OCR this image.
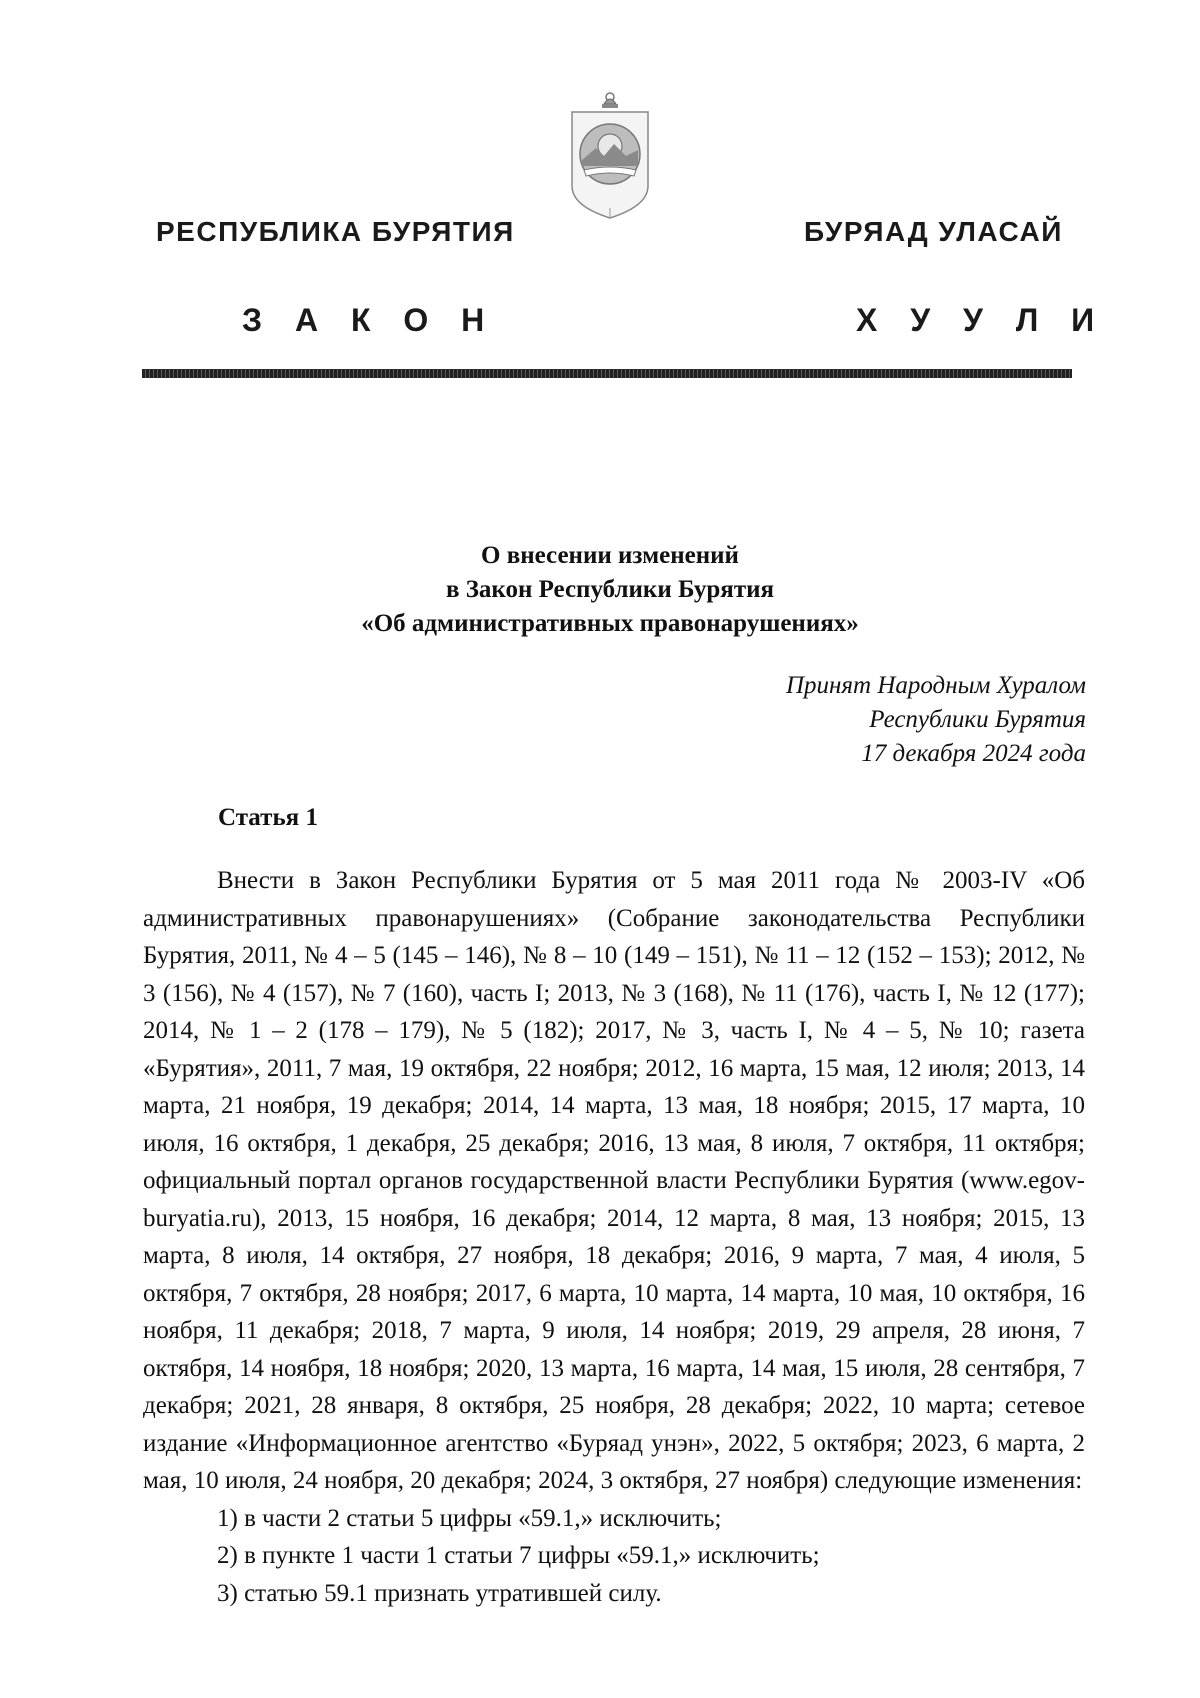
РЕСПУБЛИКА БУРЯТИЯ	БУРЯАД УЛАСАЙ
З А К О Н	Х У У Л И
О внесении изменений
в Закон Республики Бурятия
«Об административных правонарушениях»
Принят Народным Хуралом
Республики Бурятия
17 декабря 2024 года
Статья 1

Внести в Закон Республики Бурятия от 5 мая 2011 года № 2003-IV «Об административных правонарушениях» (Собрание законодательства Республики Бурятия, 2011, № 4 – 5 (145 – 146), № 8 – 10 (149 – 151), № 11 – 12 (152 – 153); 2012, № 3 (156), № 4 (157), № 7 (160), часть I; 2013, № 3 (168), № 11 (176), часть I, № 12 (177); 2014, № 1 – 2 (178 – 179), № 5 (182); 2017, № 3, часть I, № 4 – 5, № 10; газета «Бурятия», 2011, 7 мая, 19 октября, 22 ноября; 2012, 16 марта, 15 мая, 12 июля; 2013, 14 марта, 21 ноября, 19 декабря; 2014, 14 марта, 13 мая, 18 ноября; 2015, 17 марта, 10 июля, 16 октября, 1 декабря, 25 декабря; 2016, 13 мая, 8 июля, 7 октября, 11 октября; официальный портал органов государственной власти Республики Бурятия (www.egov-buryatia.ru), 2013, 15 ноября, 16 декабря; 2014, 12 марта, 8 мая, 13 ноября; 2015, 13 марта, 8 июля, 14 октября, 27 ноября, 18 декабря; 2016, 9 марта, 7 мая, 4 июля, 5 октября, 7 октября, 28 ноября; 2017, 6 марта, 10 марта, 14 марта, 10 мая, 10 октября, 16 ноября, 11 декабря; 2018, 7 марта, 9 июля, 14 ноября; 2019, 29 апреля, 28 июня, 7 октября, 14 ноября, 18 ноября; 2020, 13 марта, 16 марта, 14 мая, 15 июля, 28 сентября, 7 декабря; 2021, 28 января, 8 октября, 25 ноября, 28 декабря; 2022, 10 марта; сетевое издание «Информационное агентство «Буряад унэн», 2022, 5 октября; 2023, 6 марта, 2 мая, 10 июля, 24 ноября, 20 декабря; 2024, 3 октября, 27 ноября) следующие изменения:

1) в части 2 статьи 5 цифры «59.1,» исключить;

2) в пункте 1 части 1 статьи 7 цифры «59.1,» исключить;

3) статью 59.1 признать утратившей силу.
